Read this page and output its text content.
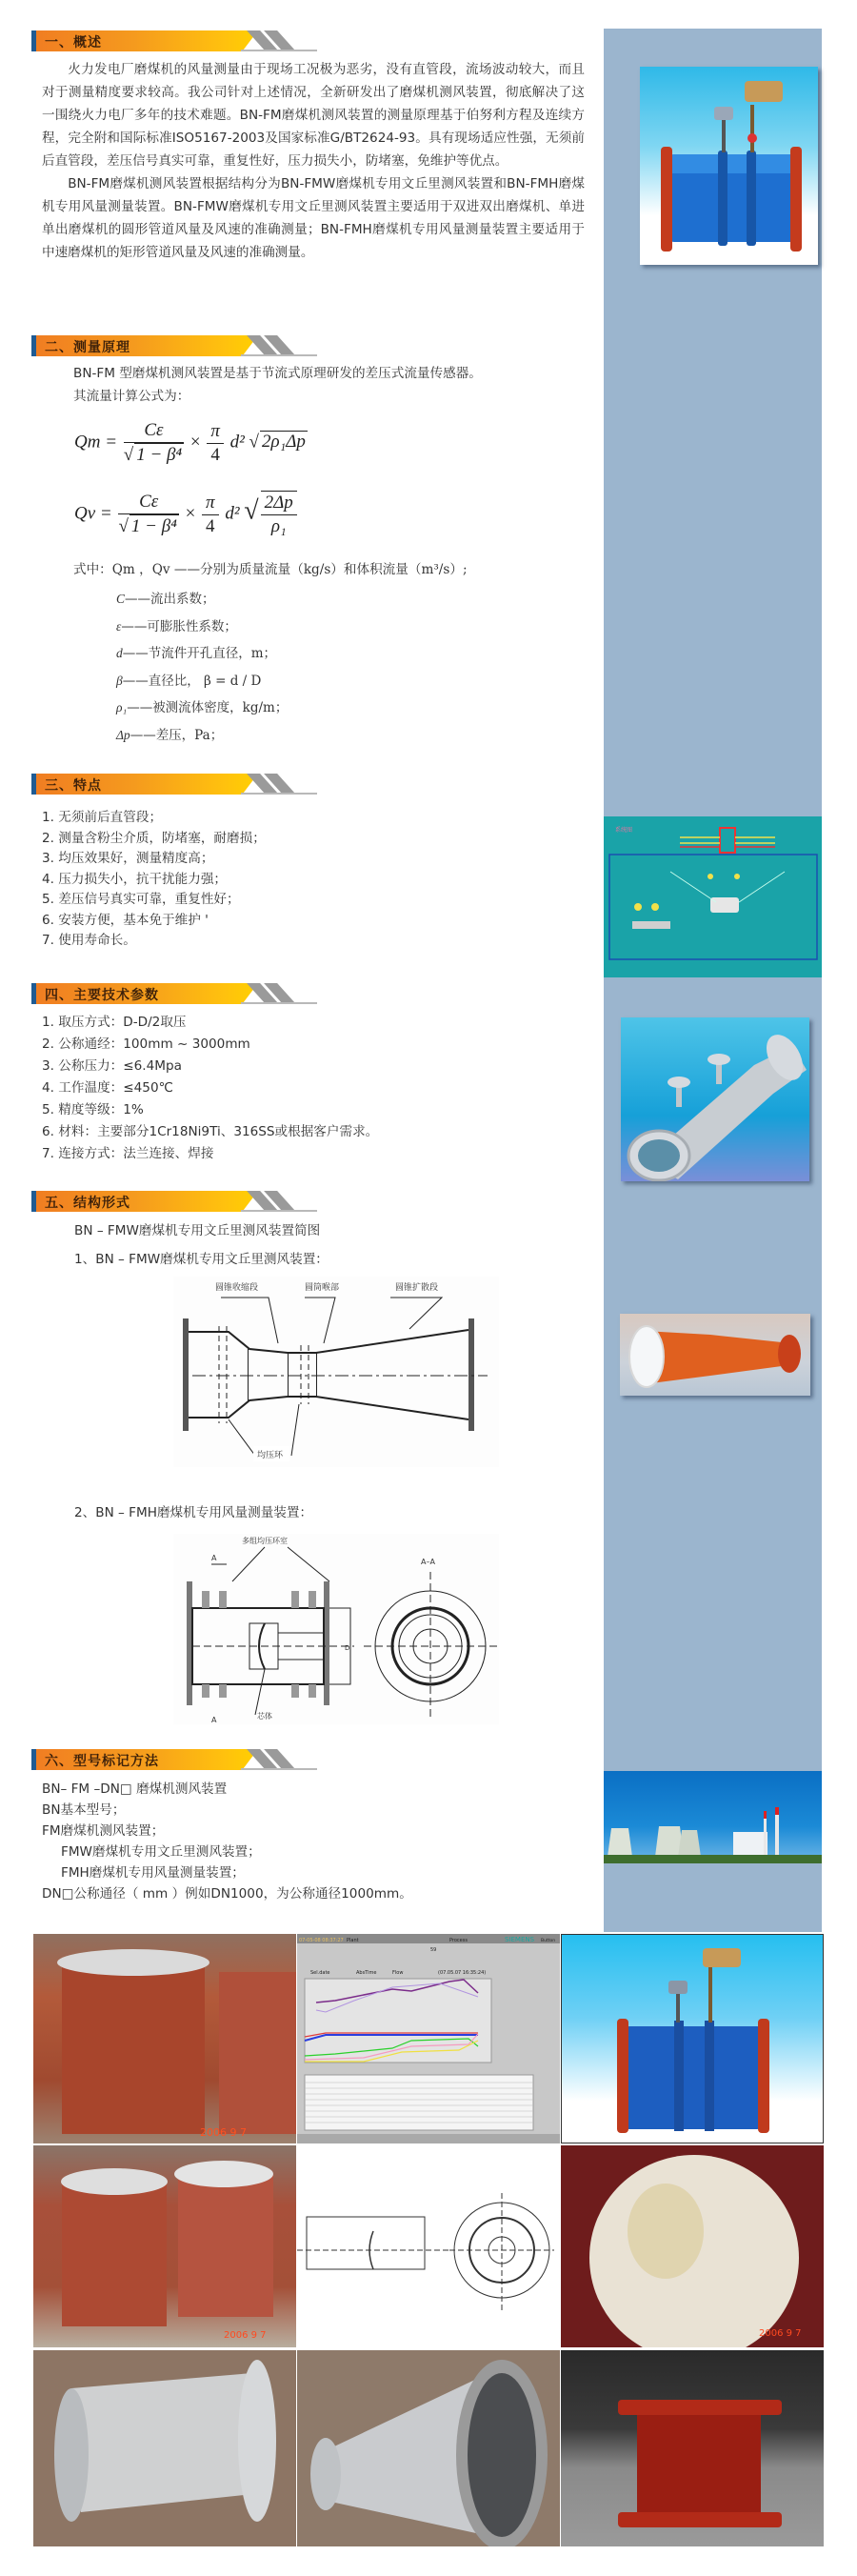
系统图
一、概述

火力发电厂磨煤机的风量测量由于现场工况极为恶劣，没有直管段，流场波动较大，而且对于测量精度要求较高。我公司针对上述情况，全新研发出了磨煤机测风装置，彻底解决了这一围绕火力电厂多年的技术难题。BN-FM磨煤机测风装置的测量原理基于伯努利方程及连续方程，完全附和国际标准ISO5167-2003及国家标准G/BT2624-93。具有现场适应性强，无须前后直管段，差压信号真实可靠，重复性好，压力损失小，防堵塞，免维护等优点。

BN-FM磨煤机测风装置根据结构分为BN-FMW磨煤机专用文丘里测风装置和BN-FMH磨煤机专用风量测量装置。BN-FMW磨煤机专用文丘里测风装置主要适用于双进双出磨煤机、单进单出磨煤机的圆形管道风量及风速的准确测量；BN-FMH磨煤机专用风量测量装置主要适用于中速磨煤机的矩形管道风量及风速的准确测量。

二、测量原理
BN-FM 型磨煤机测风装置是基于节流式原理研发的差压式流量传感器。
其流量计算公式为：
$Qm = \frac{C\varepsilon}{\text{√ 1 − β⁴}} \times \frac{\pi}{4} d^2$ √ 2ρ₁Δp
$Qv = \frac{C\varepsilon}{\text{√ 1 − β⁴}} \times \frac{\pi}{4} d^2$ √ $\frac{2\Delta p}{\text{ρ₁}}$
式中：Qm ，Qv ——分别为质量流量（kg/s）和体积流量（m³/s）;
C——流出系数；
ε——可膨胀性系数；
d——节流件开孔直径，m；
β——直径比， β = d / D
ρ₁——被测流体密度，kg/m；
Δp——差压，Pa；
三、特点
1. 无须前后直管段；
2. 测量含粉尘介质，防堵塞，耐磨损；
3. 均压效果好，测量精度高；
4. 压力损失小，抗干扰能力强；
5. 差压信号真实可靠，重复性好；
6. 安装方便，基本免于维护 '
7. 使用寿命长。
四、主要技术参数
1. 取压方式：D-D/2取压
2. 公称通经：100mm ~ 3000mm
3. 公称压力：≤6.4Mpa
4. 工作温度：≤450℃
5. 精度等级：1%
6. 材料：主要部分1Cr18Ni9Ti、316SS或根据客户需求。
7. 连接方式：法兰连接、焊接
五、结构形式
BN – FMW磨煤机专用文丘里测风装置简图
1、BN – FMW磨煤机专用文丘里测风装置：
圆锥收缩段	圆筒喉部	圆锥扩散段
均压环
2、BN – FMH磨煤机专用风量测量装置：
多组均压环室
A	A–A
芯体
A
D
六、型号标记方法
BN– FM –DN□ 磨煤机测风装置
BN基本型号；
FM磨煤机测风装置；
FMW磨煤机专用文丘里测风装置；
FMH磨煤机专用风量测量装置；
DN□公称通径（ mm ）例如DN1000，为公称通径1000mm。
2006 9 7
07-05-08 08:37:27 Plant	Process	SIEMENS Button
59
Sel.date	AbsTime	Flow	(07.05.07 16:35:24)
2006 9 7	2006 9 7
